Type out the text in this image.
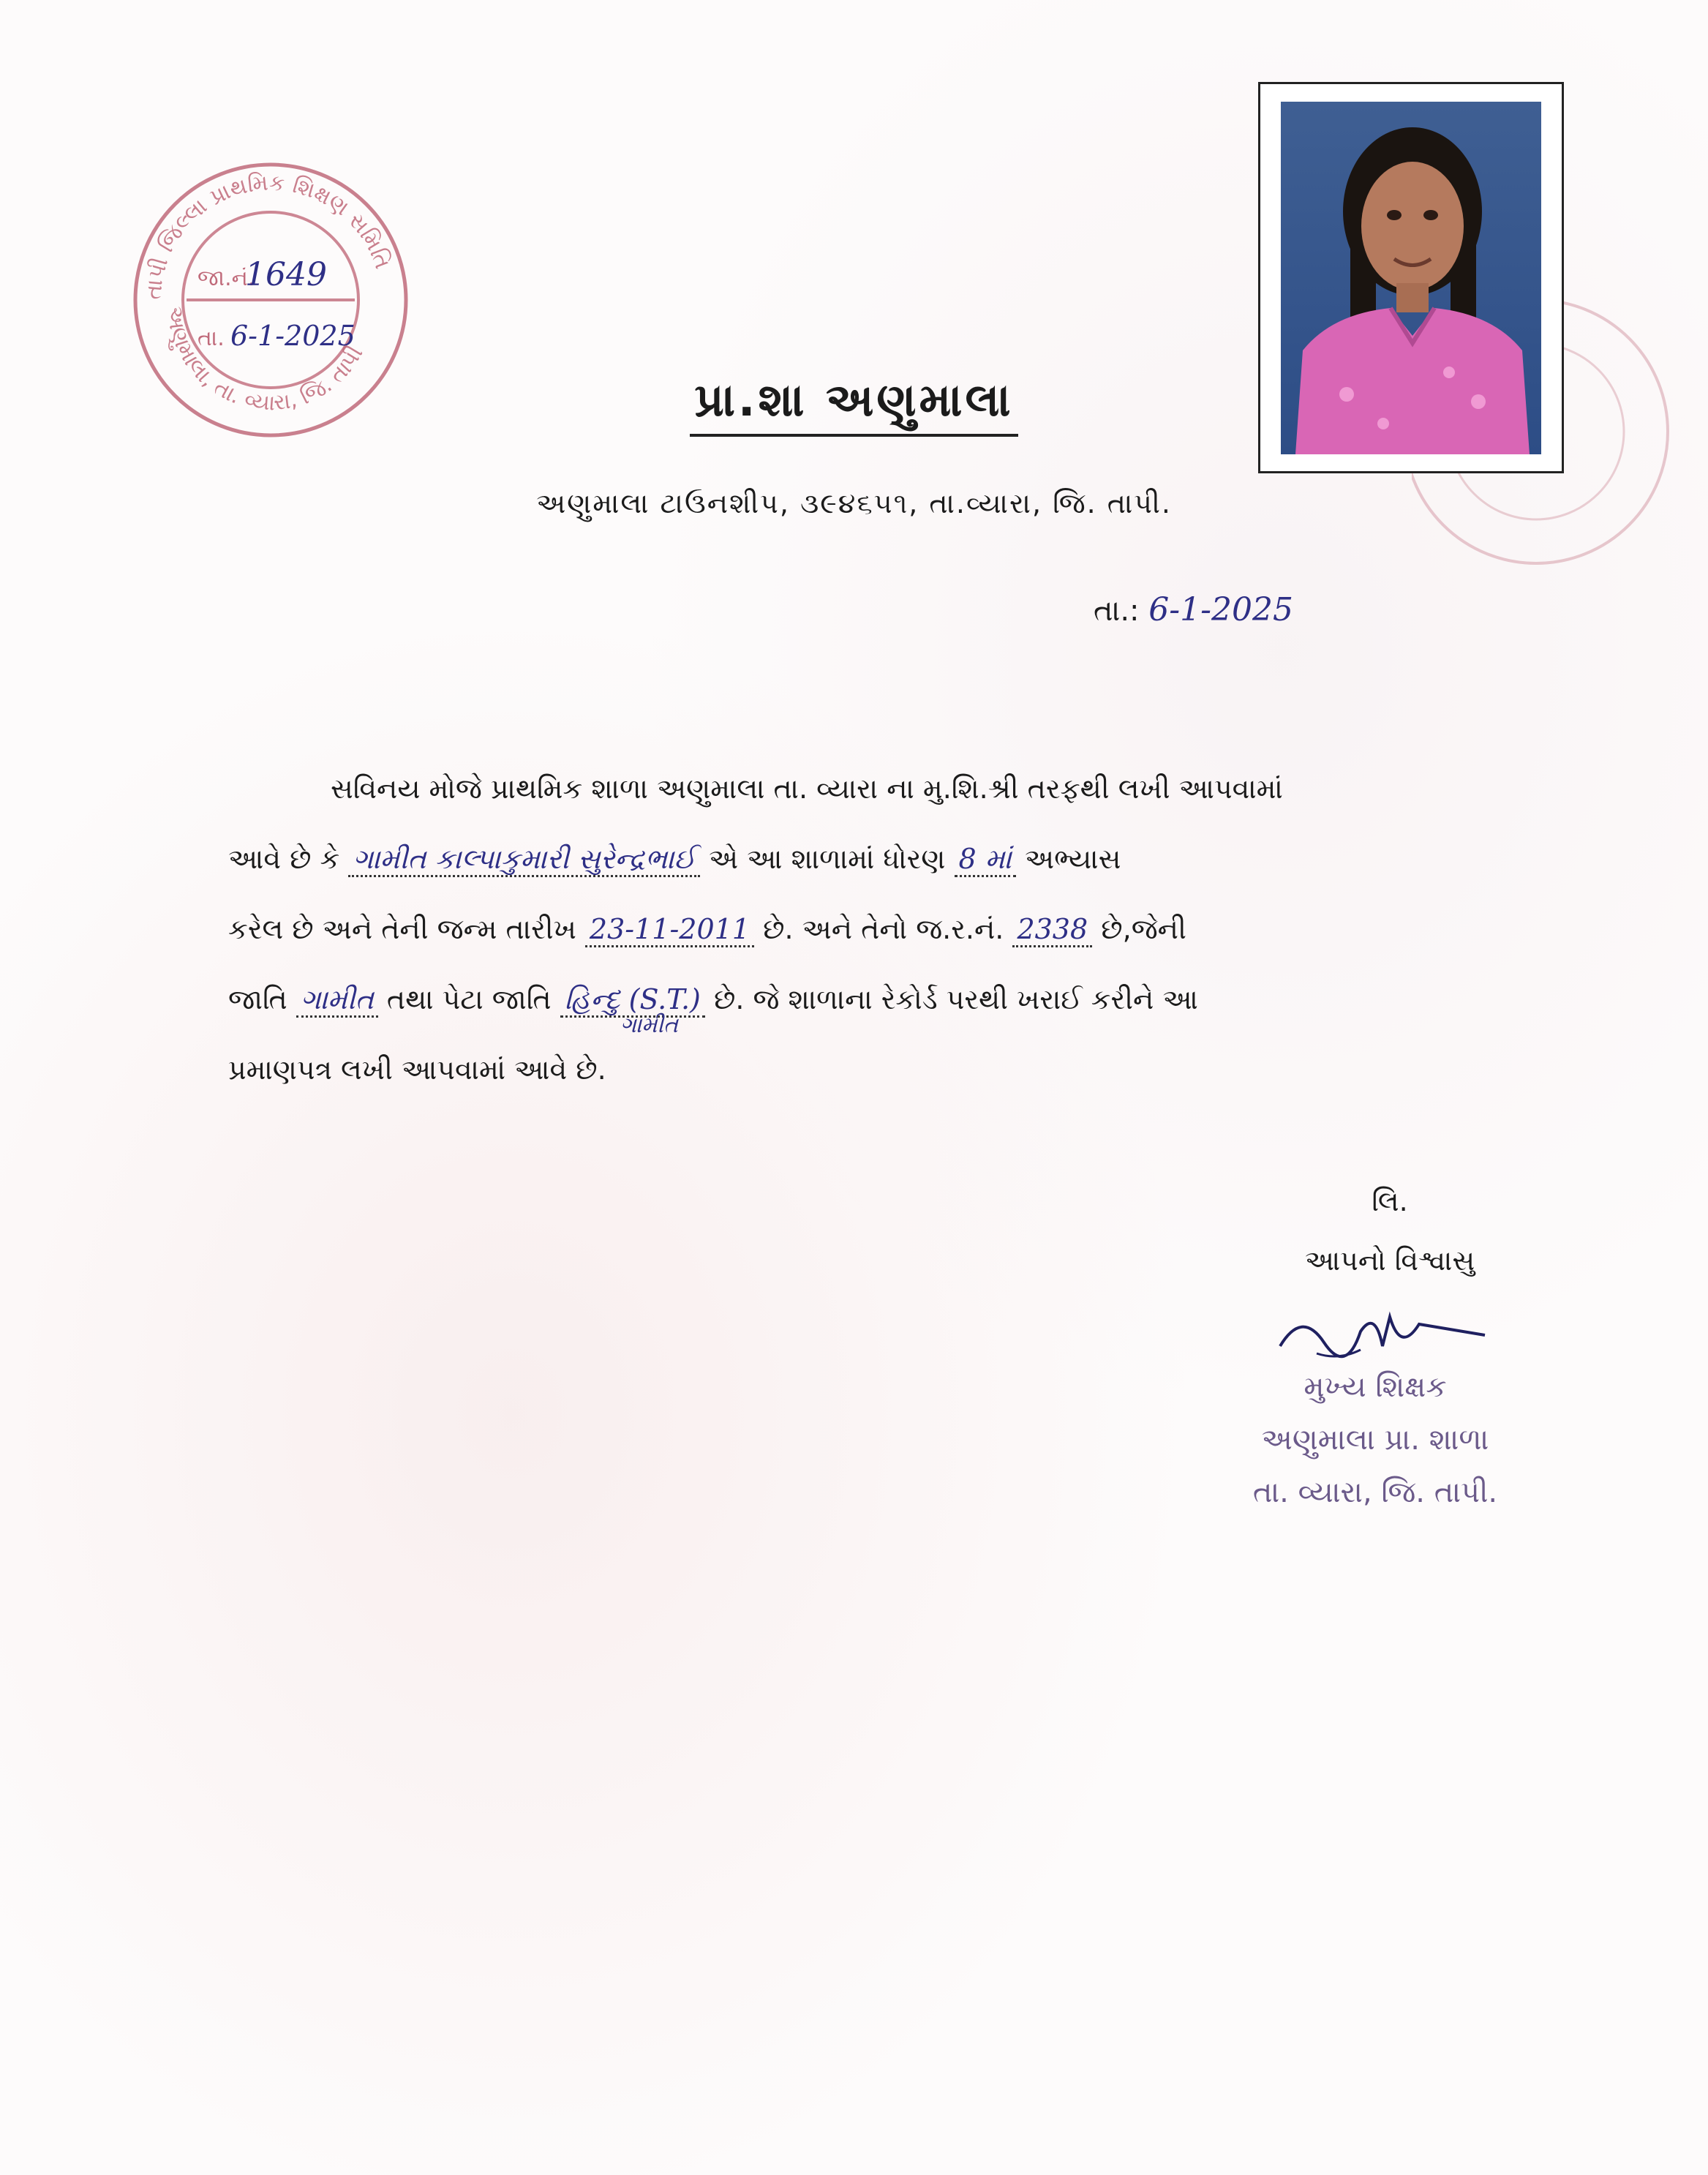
તાપી જિલ્લા પ્રાથમિક શિક્ષણ સમિતિ
અણુમાલા, તા. વ્યારા, જિ. તાપી
જા.નં.
1649
તા. 6-1-2025
પ્રા.શા અણુમાલા
અણુમાલા ટાઉનશીપ, ૩૯૪૬૫૧, તા.વ્યારા, જિ. તાપી.
તા.: 6-1-2025
સવિનય મોજે પ્રાથમિક શાળા અણુમાલા તા. વ્યારા ના મુ.શિ.શ્રી તરફથી લખી આપવામાં
આવે છે કે ગામીત કાલ્પાકુમારી સુરેન્દ્રભાઈ એ આ શાળામાં ધોરણ 8 માં અભ્યાસ
કરેલ છે અને તેની જન્મ તારીખ 23-11-2011 છે. અને તેનો જ.ર.નં. 2338 છે,જેની
જાતિ ગામીત તથા પેટા જાતિ હિન્દુ (S.T.) છે. જે શાળાના રેકોર્ડ પરથી ખરાઈ કરીને આ
ગામીત
પ્રમાણપત્ર લખી આપવામાં આવે છે.
લિ.
આપનો વિશ્વાસુ
મુખ્ય શિક્ષક
અણુમાલા પ્રા. શાળા
તા. વ્યારા, જિ. તાપી.
